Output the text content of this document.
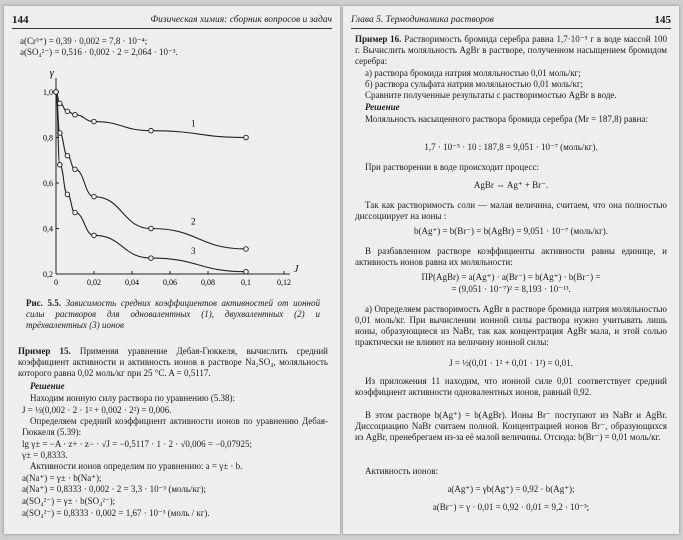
144	Физическая химия: сборник вопросов и задач
a(Cr³⁺) = 0,39 · 0,002 = 7,8 · 10⁻⁴;
a(SO₄²⁻) = 0,516 · 0,002 · 2 = 2,064 · 10⁻³.
γ
J
0	0,02	0,04	0,06	0,08	0,1	0,12
0,2
0,4
0,6
0,8
1,0
1
2
3
Рис. 5.5. Зависимость средних коэффициентов активностей от ионной силы растворов для одновалентных (1), двухвалентных (2) и трёхвалентных (3) ионов
Пример 15. Применяя уравнение Дебая-Гюккеля, вычислить средний коэффициент активности и активность ионов в растворе Na₂SO₄, моляльность которого равна 0,02 моль/кг при 25 °C. A = 0,5117.
Решение
Находим ионную силу раствора по уравнению (5.38):
J = ½(0,002 · 2 · 1² + 0,002 · 2²) = 0,006.
Определяем средний коэффициент активности ионов по уравнению Дебая-Гюккеля (5.39):
lg γ± = −A · z+ · z− · √J = −0,5117 · 1 · 2 · √0,006 = −0,07925;
γ± = 0,8333.
Активности ионов определим по уравнению: a = γ± · b.
a(Na⁺) = γ± · b(Na⁺);
a(Na⁺) = 0,8333 · 0,002 · 2 = 3,3 · 10⁻³ (моль/кг);
a(SO₄²⁻) = γ± · b(SO₄²⁻);
a(SO₄²⁻) = 0,8333 · 0,002 = 1,67 · 10⁻³ (моль / кг).
Глава 5. Термодинамика растворов	145
Пример 16. Растворимость бромида серебра равна 1,7·10⁻⁵ г в воде массой 100 г. Вычислить моляльность AgBr в растворе, полученном насыщением бромидом серебра:
а) раствора бромида натрия моляльностью 0,01 моль/кг;
б) раствора сульфата натрия моляльностью 0,01 моль/кг;
Сравните полученные результаты с растворимостью AgBr в воде.
Решение
Моляльность насыщенного раствора бромида серебра (Mr = 187,8) равна:
1,7 · 10⁻⁵ · 10 : 187,8 = 9,051 · 10⁻⁷ (моль/кг).
При растворении в воде происходит процесс:
AgBr ⇔ Ag⁺ + Br⁻.
Так как растворимость соли — малая величина, считаем, что она полностью диссоциирует на ионы :
b(Ag⁺) = b(Br⁻) = b(AgBr) = 9,051 · 10⁻⁷ (моль/кг).
В разбавленном растворе коэффициенты активности равны единице, и активность ионов равна их моляльности:
ПР(AgBr) = a(Ag⁺) · a(Br⁻) = b(Ag⁺) · b(Br⁻) =
= (9,051 · 10⁻⁷)² = 8,193 · 10⁻¹³.
а) Определяем растворимость AgBr в растворе бромида натрия моляльностью 0,01 моль/кг. При вычислении ионной силы раствора нужно учитывать лишь ионы, образующиеся из NaBr, так как концентрация AgBr мала, и этой солью практически не влияют на величину ионной силы:
J = ½(0,01 · 1² + 0,01 · 1²) = 0,01.
Из приложения 11 находим, что ионной силе 0,01 соответствует средний коэффициент активности одновалентных ионов, равный 0,92.
В этом растворе b(Ag⁺) = b(AgBr). Ионы Br⁻ поступают из NaBr и AgBr. Диссоциацию NaBr считаем полной. Концентрацией ионов Br⁻, образующихся из AgBr, пренебрегаем из-за её малой величины. Отсюда: b(Br⁻) = 0,01 моль/кг.
Активность ионов:
a(Ag⁺) = γb(Ag⁺) = 0,92 · b(Ag⁺);
a(Br⁻) = γ · 0,01 = 0,92 · 0,01 = 9,2 · 10⁻³;
